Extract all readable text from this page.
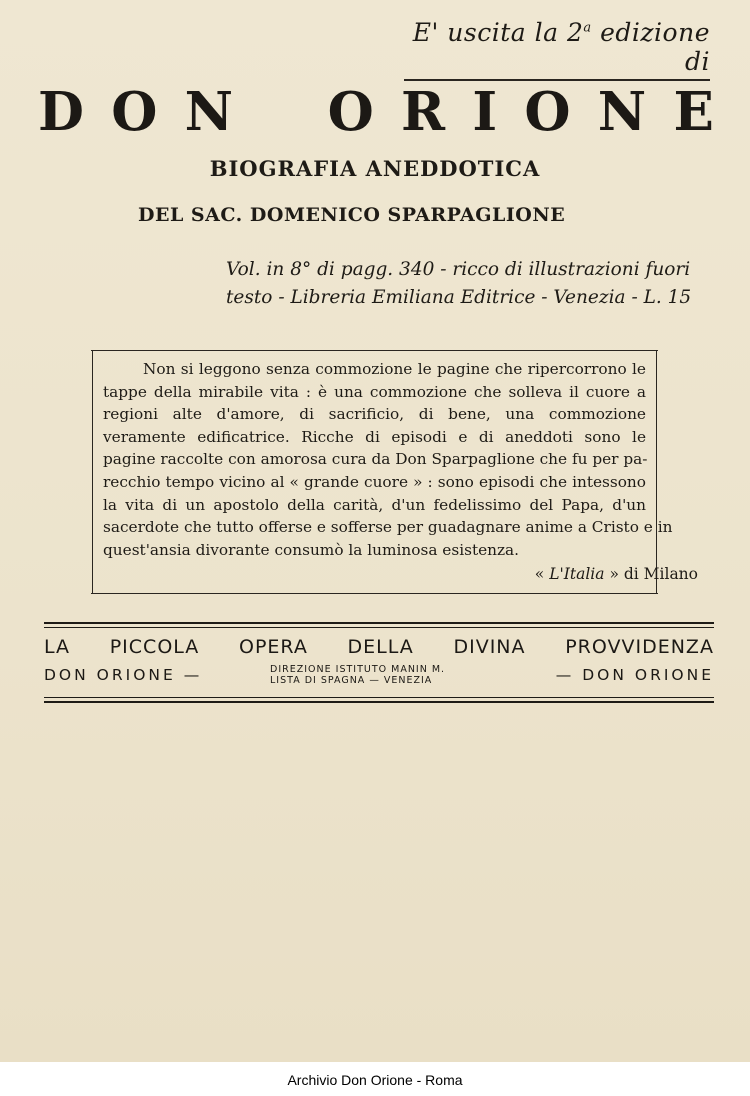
E' uscita la 2$^a$ edizione di
D O N O R I O N E
BIOGRAFIA ANEDDOTICA
DEL SAC. DOMENICO SPARPAGLIONE
Vol. in 8° di pagg. 340 - ricco di illustrazioni fuori
testo - Libreria Emiliana Editrice - Venezia - L. 15
Non si leggono senza commozione le pagine che ripercorrono le
tappe della mirabile vita : è una commozione che solleva il cuore a
regioni alte d'amore, di sacrificio, di bene, una commozione
veramente edificatrice. Ricche di episodi e di aneddoti sono le
pagine raccolte con amorosa cura da Don Sparpaglione che fu per pa-
recchio tempo vicino al « grande cuore » : sono episodi che intessono
la vita di un apostolo della carità, d'un fedelissimo del Papa, d'un
sacerdote che tutto offerse e sofferse per guadagnare anime a Cristo e in
quest'ansia divorante consumò la luminosa esistenza.
« L'Italia » di Milano
LA PICCOLA OPERA DELLA DIVINA PROVVIDENZA
DON ORIONE —	DIREZIONE ISTITUTO MANIN M.
LISTA DI SPAGNA — VENEZIA	— DON ORIONE
Archivio Don Orione - Roma
